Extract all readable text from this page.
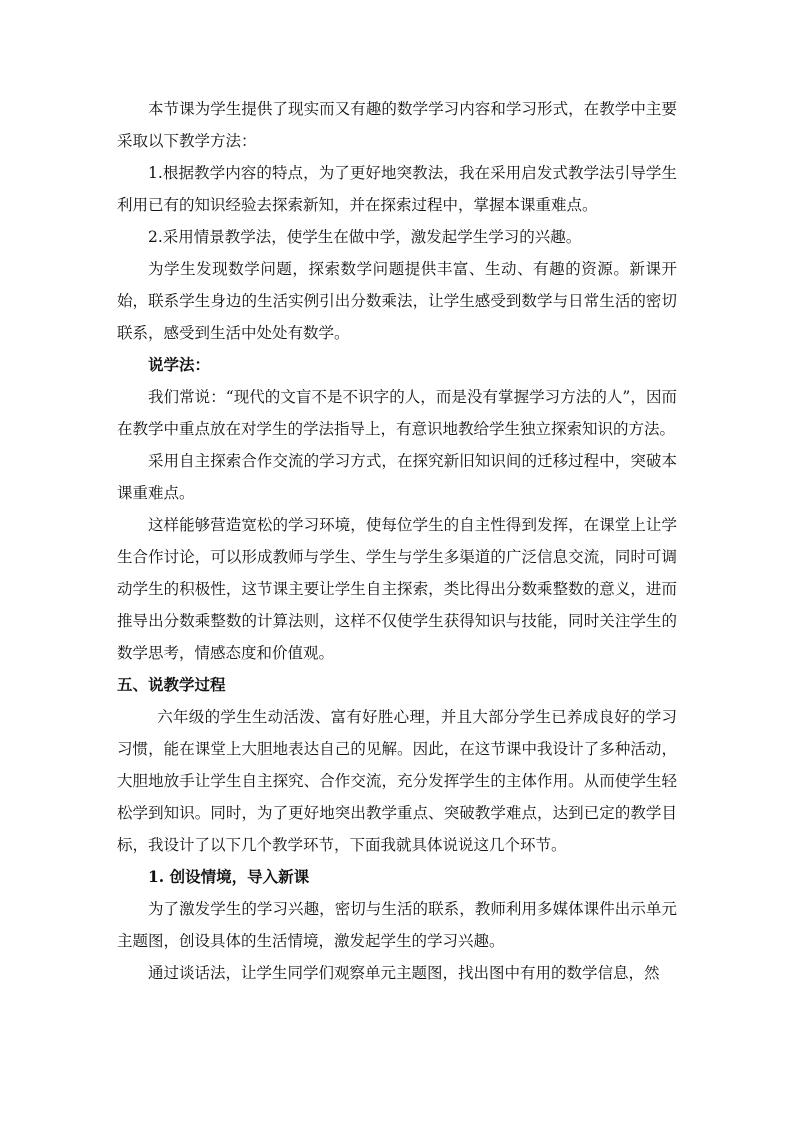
本节课为学生提供了现实而又有趣的数学学习内容和学习形式，在教学中主要采取以下教学方法：

1.根据教学内容的特点，为了更好地突教法，我在采用启发式教学法引导学生利用已有的知识经验去探索新知，并在探索过程中，掌握本课重难点。

2.采用情景教学法，使学生在做中学，激发起学生学习的兴趣。

为学生发现数学问题，探索数学问题提供丰富、生动、有趣的资源。新课开始，联系学生身边的生活实例引出分数乘法，让学生感受到数学与日常生活的密切联系，感受到生活中处处有数学。

说学法：

我们常说：“现代的文盲不是不识字的人，而是没有掌握学习方法的人”，因而在教学中重点放在对学生的学法指导上，有意识地教给学生独立探索知识的方法。

采用自主探索合作交流的学习方式，在探究新旧知识间的迁移过程中，突破本课重难点。

这样能够营造宽松的学习环境，使每位学生的自主性得到发挥，在课堂上让学生合作讨论，可以形成教师与学生、学生与学生多渠道的广泛信息交流，同时可调动学生的积极性，这节课主要让学生自主探索，类比得出分数乘整数的意义，进而推导出分数乘整数的计算法则，这样不仅使学生获得知识与技能，同时关注学生的数学思考，情感态度和价值观。

五、说教学过程

六年级的学生生动活泼、富有好胜心理，并且大部分学生已养成良好的学习习惯，能在课堂上大胆地表达自己的见解。因此，在这节课中我设计了多种活动，大胆地放手让学生自主探究、合作交流，充分发挥学生的主体作用。从而使学生轻松学到知识。同时，为了更好地突出教学重点、突破教学难点，达到已定的教学目标，我设计了以下几个教学环节，下面我就具体说说这几个环节。

1. 创设情境，导入新课

为了激发学生的学习兴趣，密切与生活的联系，教师利用多媒体课件出示单元主题图，创设具体的生活情境，激发起学生的学习兴趣。

通过谈话法，让学生同学们观察单元主题图，找出图中有用的数学信息，然
